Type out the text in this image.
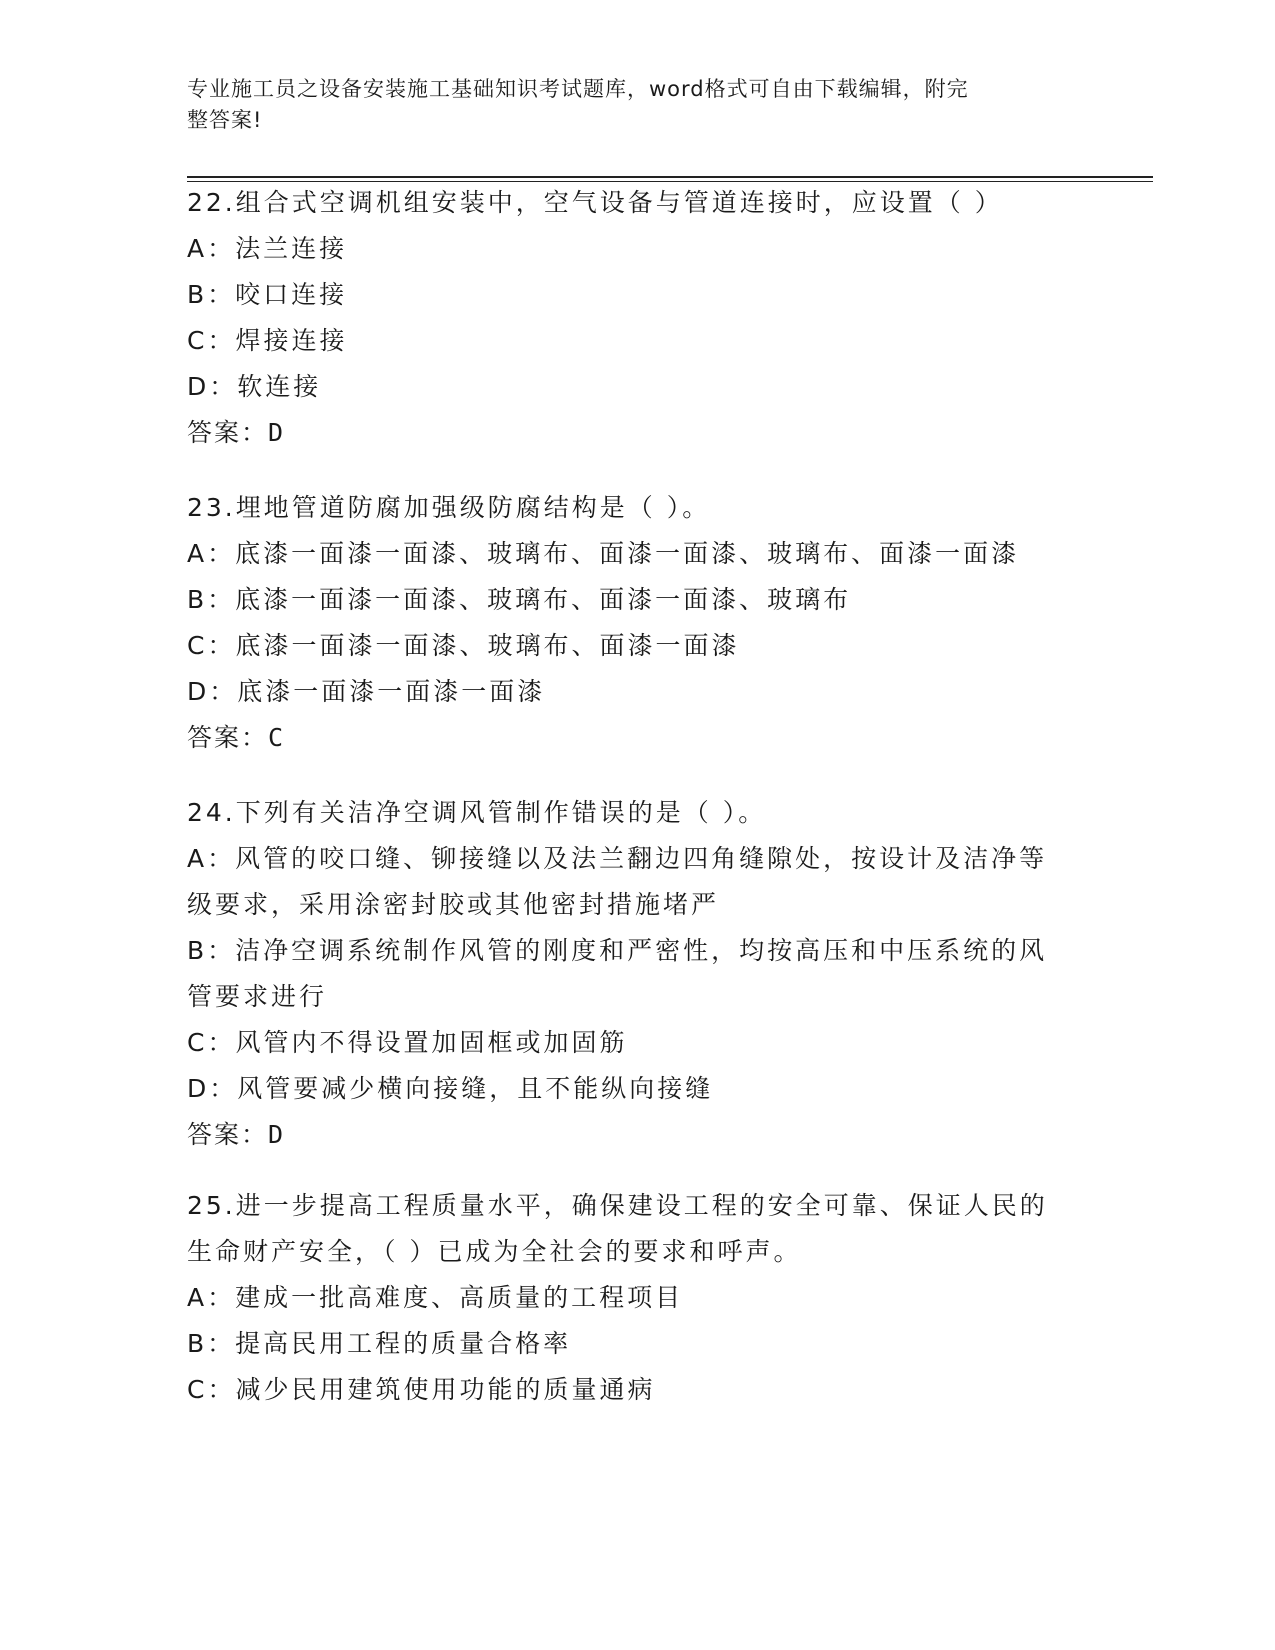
专业施工员之设备安装施工基础知识考试题库，word格式可自由下载编辑，附完
整答案!
22.组合式空调机组安装中，空气设备与管道连接时，应设置（ ）
A：法兰连接
B：咬口连接
C：焊接连接
D：软连接
答案：D
23.埋地管道防腐加强级防腐结构是（ ）。
A：底漆一面漆一面漆、玻璃布、面漆一面漆、玻璃布、面漆一面漆
B：底漆一面漆一面漆、玻璃布、面漆一面漆、玻璃布
C：底漆一面漆一面漆、玻璃布、面漆一面漆
D：底漆一面漆一面漆一面漆
答案：C
24.下列有关洁净空调风管制作错误的是（ ）。
A：风管的咬口缝、铆接缝以及法兰翻边四角缝隙处，按设计及洁净等
级要求，采用涂密封胶或其他密封措施堵严
B：洁净空调系统制作风管的刚度和严密性，均按高压和中压系统的风
管要求进行
C：风管内不得设置加固框或加固筋
D：风管要减少横向接缝，且不能纵向接缝
答案：D
25.进一步提高工程质量水平，确保建设工程的安全可靠、保证人民的
生命财产安全，（ ）已成为全社会的要求和呼声。
A：建成一批高难度、高质量的工程项目
B：提高民用工程的质量合格率
C：减少民用建筑使用功能的质量通病
